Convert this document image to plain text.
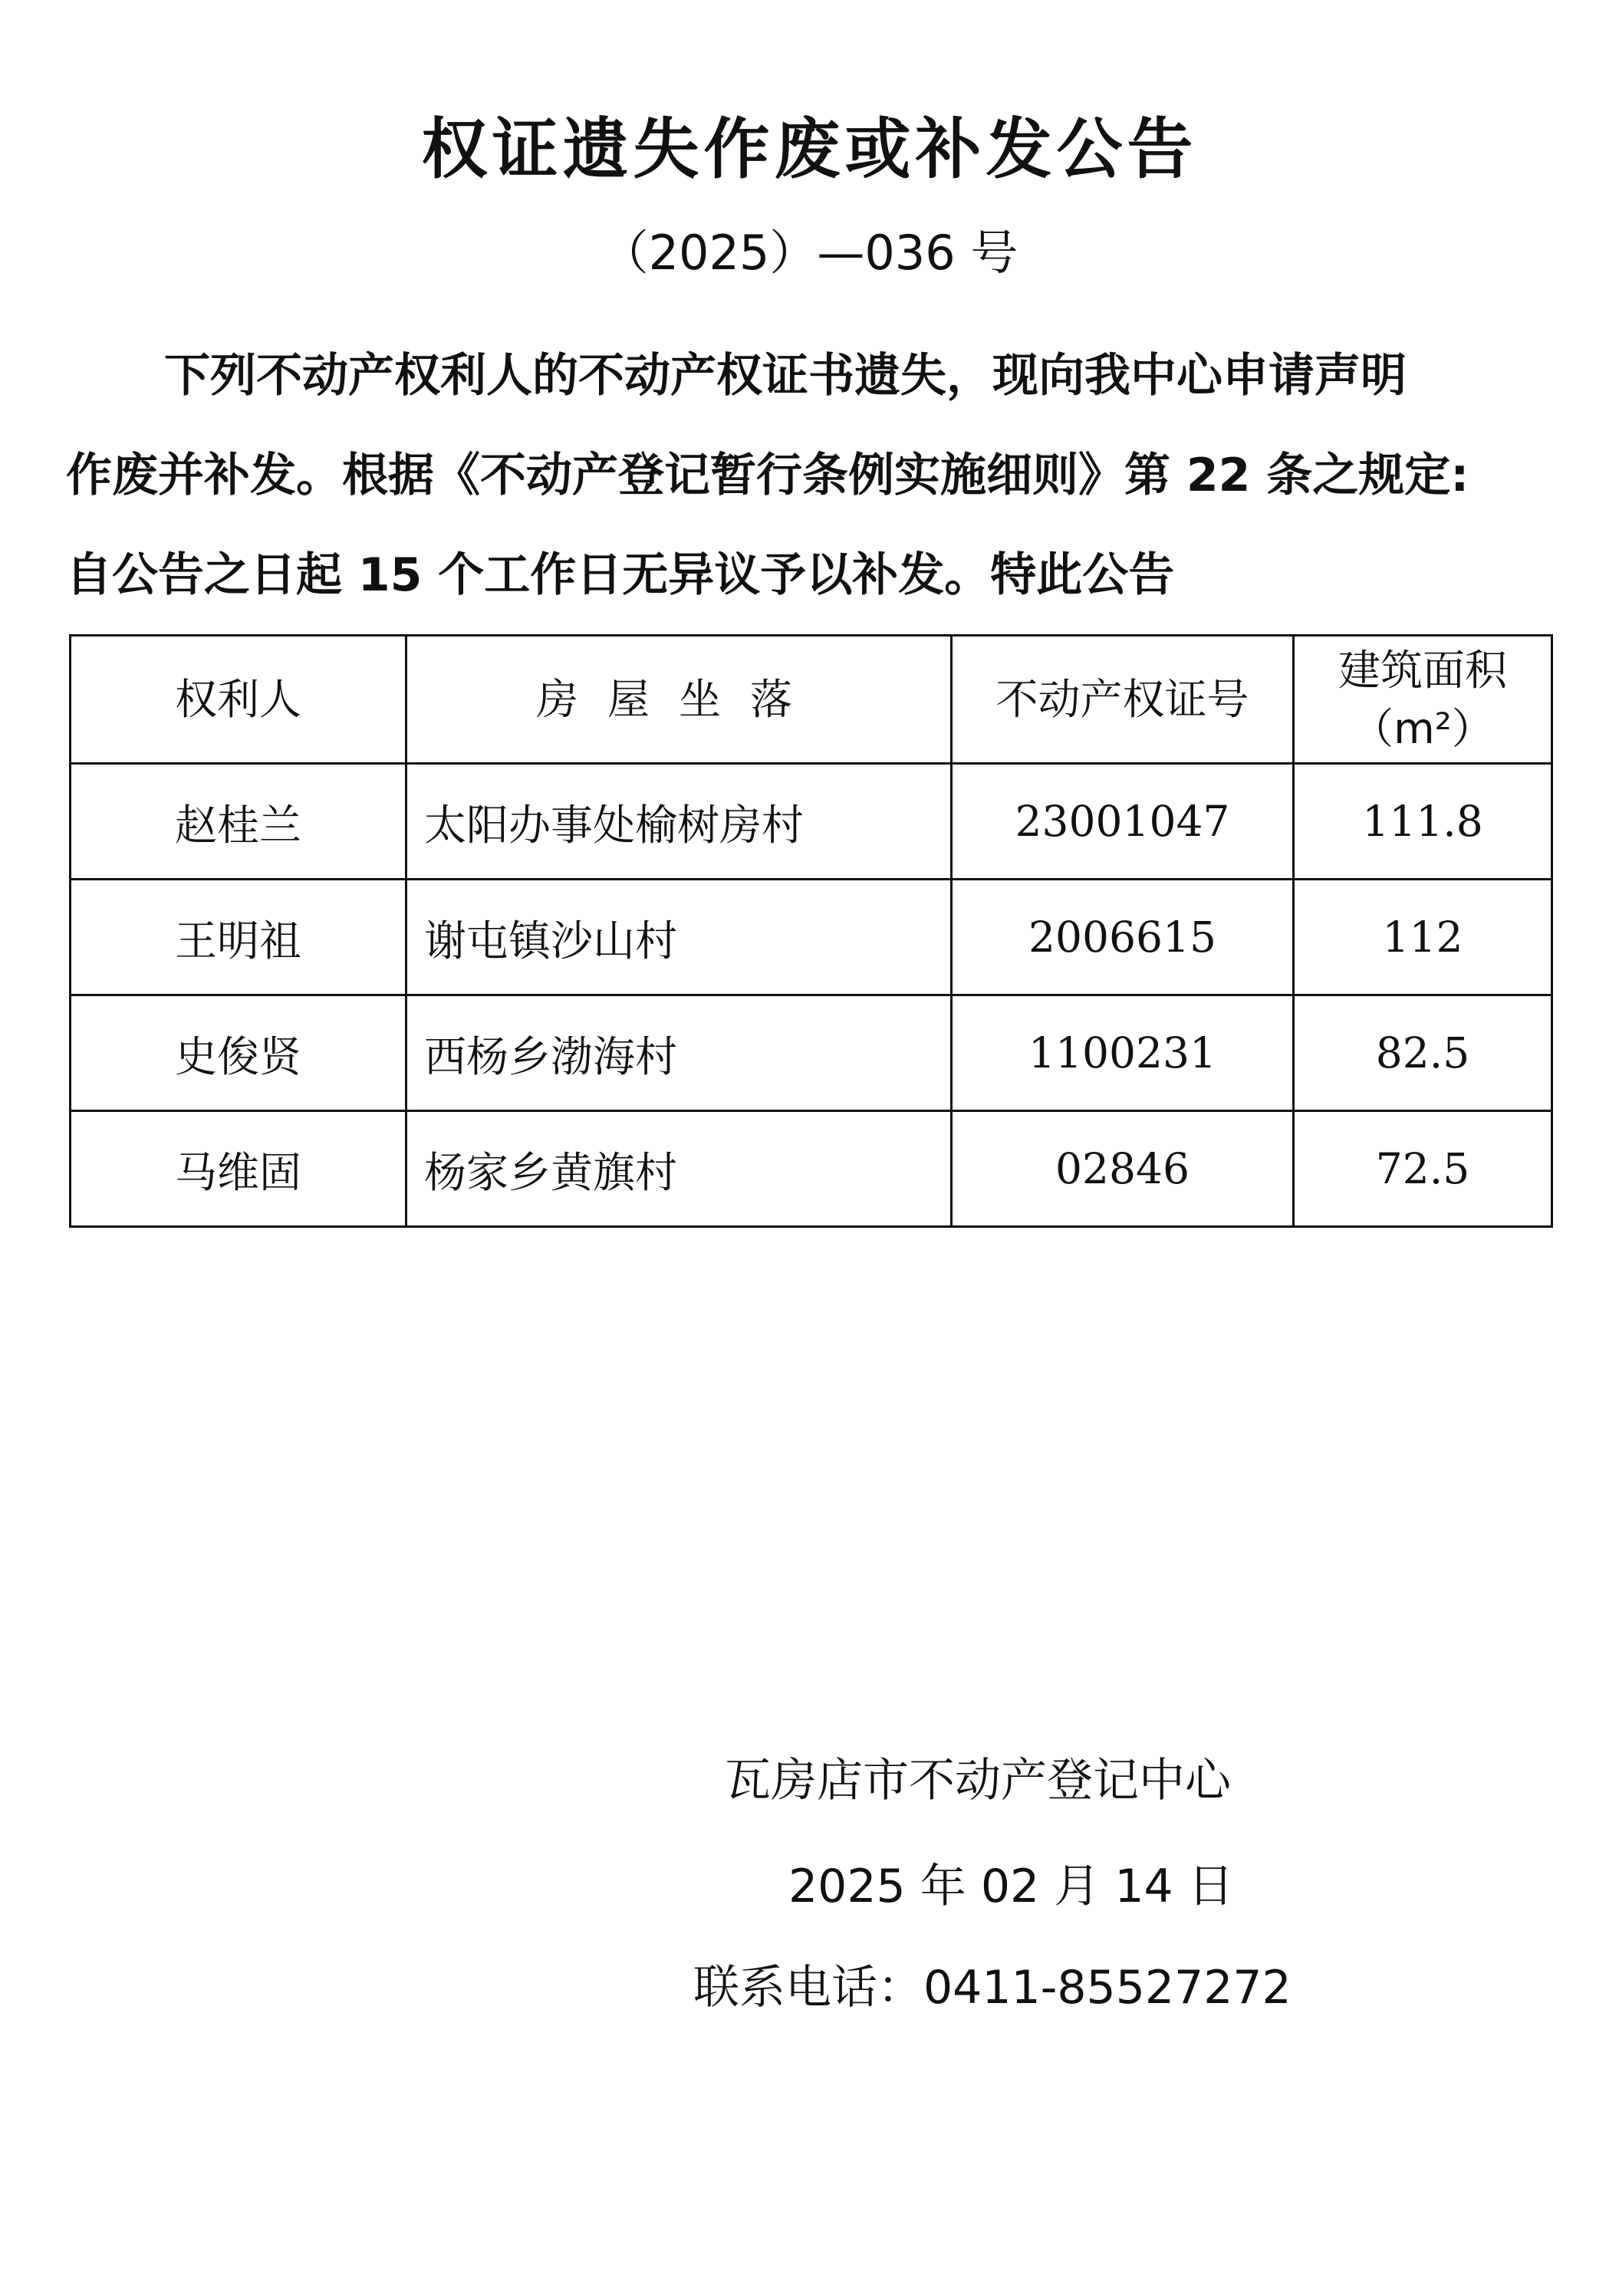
权证遗失作废或补发公告
（2025）—036 号
下列不动产权利人的不动产权证书遗失，现向我中心申请声明
作废并补发。根据《不动产登记暂行条例实施细则》第 22 条之规定:
自公告之日起 15 个工作日无异议予以补发。特此公告
权利人	房屋坐落	不动产权证号	建筑面积
（m²）

赵桂兰	太阳办事处榆树房村	23001047	111.8
王明祖	谢屯镇沙山村	2006615	112
史俊贤	西杨乡渤海村	1100231	82.5
马维固	杨家乡黄旗村	02846	72.5
瓦房店市不动产登记中心
2025 年 02 月 14 日
联系电话：0411-85527272
